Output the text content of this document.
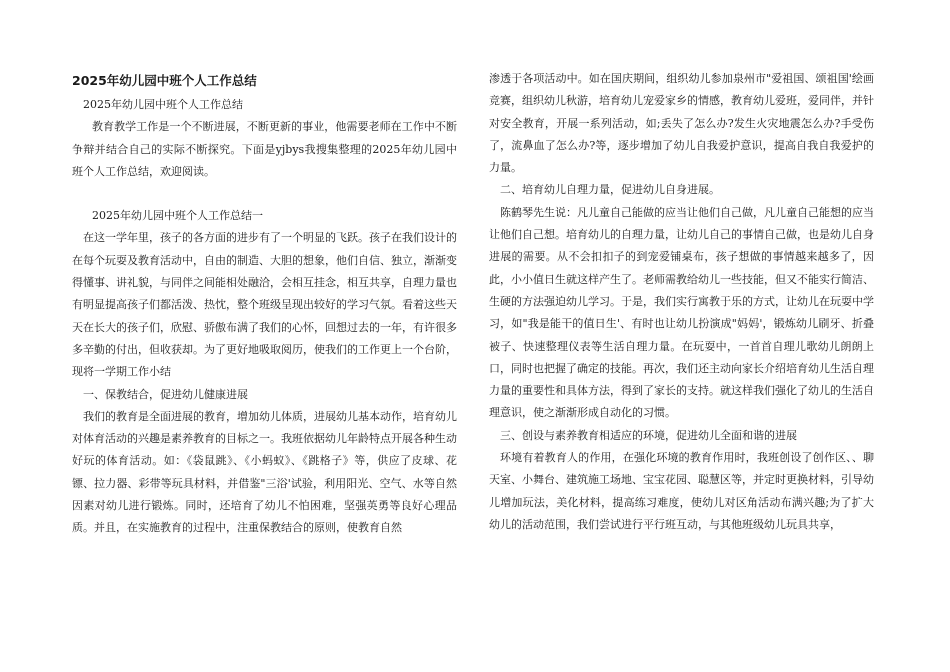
2025年幼儿园中班个人工作总结

2025年幼儿园中班个人工作总结

教育教学工作是一个不断进展，不断更新的事业，他需要老师在工作中不断争辩并结合自己的实际不断探究。下面是yjbys我搜集整理的2025年幼儿园中班个人工作总结，欢迎阅读。

2025年幼儿园中班个人工作总结一

在这一学年里，孩子的各方面的进步有了一个明显的飞跃。孩子在我们设计的在每个玩耍及教育活动中，自由的制造、大胆的想象，他们自信、独立，渐渐变得懂事、讲礼貌，与同伴之间能相处融洽，会相互挂念，相互共享，自理力量也有明显提高孩子们都活泼、热忱，整个班级呈现出较好的学习气氛。看着这些天天在长大的孩子们，欣慰、骄傲布满了我们的心怀，回想过去的一年，有许很多多辛勤的付出，但收获却。为了更好地吸取阅历，使我们的工作更上一个台阶，现将一学期工作小结

一、保教结合，促进幼儿健康进展

我们的教育是全面进展的教育，增加幼儿体质，进展幼儿基本动作，培育幼儿对体育活动的兴趣是素养教育的目标之一。我班依据幼儿年龄特点开展各种生动好玩的体育活动。如：《袋鼠跳》、《小蚂蚁》、《跳格子》等，供应了皮球、花镖、拉力器、彩带等玩具材料，并借鉴"三浴'试验，利用阳光、空气、水等自然因素对幼儿进行锻炼。同时，还培育了幼儿不怕困难，坚强英勇等良好心理品质。并且，在实施教育的过程中，注重保教结合的原则，使教育自然

渗透于各项活动中。如在国庆期间，组织幼儿参加泉州市"爱祖国、颂祖国'绘画竞赛，组织幼儿秋游，培育幼儿宠爱家乡的情感，教育幼儿爱班，爱同伴，并针对安全教育，开展一系列活动，如;丢失了怎么办?发生火灾地震怎么办?手受伤了，流鼻血了怎么办?等，逐步增加了幼儿自我爱护意识，提高自我自我爱护的力量。

二、培育幼儿自理力量，促进幼儿自身进展。

陈鹤琴先生说：凡儿童自己能做的应当让他们自己做，凡儿童自己能想的应当让他们自己想。培育幼儿的自理力量，让幼儿自己的事情自己做，也是幼儿自身进展的需要。从不会扣扣子的到宠爱铺桌布，孩子想做的事情越来越多了，因此，小小值日生就这样产生了。老师需教给幼儿一些技能，但又不能实行简洁、生硬的方法强迫幼儿学习。于是，我们实行寓教于乐的方式，让幼儿在玩耍中学习，如"我是能干的值日生'、有时也让幼儿扮演成"妈妈'，锻炼幼儿刷牙、折叠被子、快速整理仪表等生活自理力量。在玩耍中，一首首自理儿歌幼儿朗朗上口，同时也把握了确定的技能。再次，我们还主动向家长介绍培育幼儿生活自理力量的重要性和具体方法，得到了家长的支持。就这样我们强化了幼儿的生活自理意识，使之渐渐形成自动化的习惯。

三、创设与素养教育相适应的环境，促进幼儿全面和谐的进展

环境有着教育人的作用，在强化环境的教育作用时，我班创设了创作区、、聊天室、小舞台、建筑施工场地、宝宝花园、聪慧区等，并定时更换材料，引导幼儿增加玩法，美化材料，提高练习难度，使幼儿对区角活动布满兴趣;为了扩大幼儿的活动范围，我们尝试进行平行班互动，与其他班级幼儿玩具共享，
